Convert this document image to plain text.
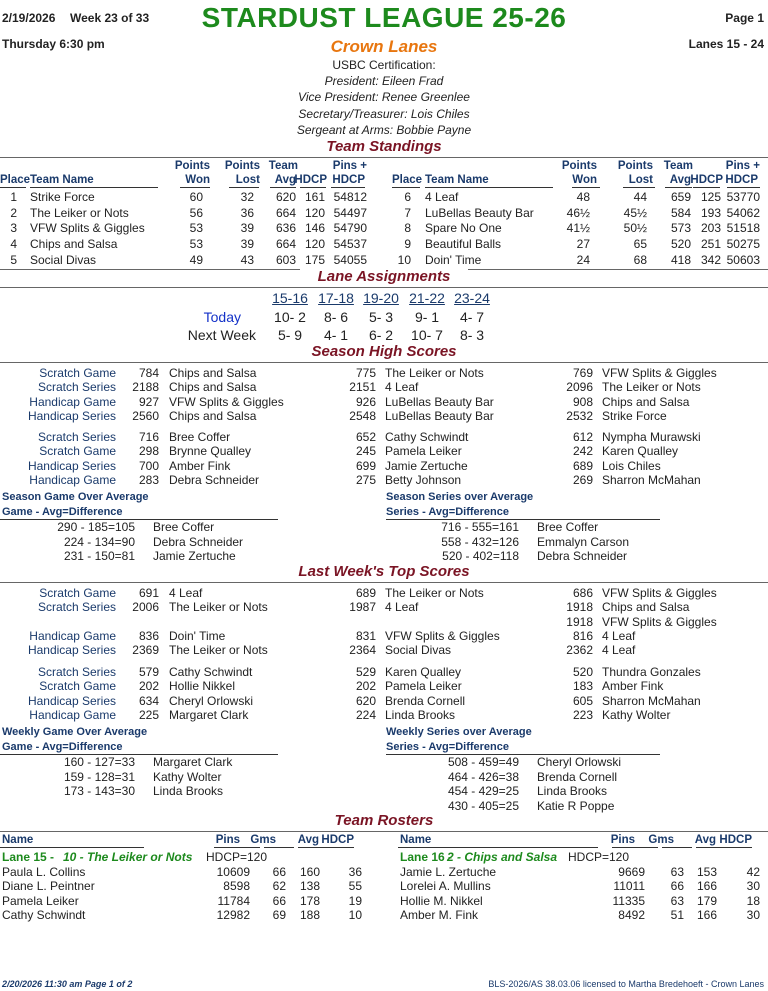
2/19/2026 Week 23 of 33	STARDUST LEAGUE 25-26	Page 1
Thursday 6:30 pm	Crown Lanes	Lanes 15 - 24
USBC Certification:
President: Eileen Frad
Vice President: Renee Greenlee
Secretary/Treasurer: Lois Chiles
Sergeant at Arms: Bobbie Payne
Team Standings
Points
Won
Points
Lost
Team
Avg
HDCP
Pins +
HDCP
Place Team Name
1 Strike Force	60	32	620 161 54812
2 The Leiker or Nots	56	36	664 120 54497
3 VFW Splits & Giggles	53	39	636 146 54790
4 Chips and Salsa	53	39	664 120 54537
5 Social Divas	49	43	603 175 54055
Points
Won
Points
Lost
Team
Avg HDCP
Pins +
HDCP
Place Team Name
6 4 Leaf	48	44	659 125 53770
7 LuBellas Beauty Bar	46½	45½	584 193 54062
8 Spare No One	41½	50½	573 203 51518
9 Beautiful Balls	27	65	520 251 50275
10 Doin' Time	24	68	418 342 50603
Lane Assignments
15-16 17-18 19-20 21-22 23-24
Today
Next Week
10- 2	8- 6	5- 3	9- 1	4- 7
5- 9	4- 1	6- 2	10- 7	8- 3
Season High Scores
Scratch Game	784 Chips and Salsa	775 The Leiker or Nots	769 VFW Splits & Giggles
Scratch Series	2188 Chips and Salsa	2151 4 Leaf	2096 The Leiker or Nots
Handicap Game	927 VFW Splits & Giggles	926 LuBellas Beauty Bar	908 Chips and Salsa
Handicap Series	2560 Chips and Salsa	2548 LuBellas Beauty Bar	2532 Strike Force
Scratch Series	716 Bree Coffer	652 Cathy Schwindt	612 Nympha Murawski
Scratch Game	298 Brynne Qualley	245 Pamela Leiker	242 Karen Qualley
Handicap Series	700 Amber Fink	699 Jamie Zertuche	689 Lois Chiles
Handicap Game	283 Debra Schneider	275 Betty Johnson	269 Sharron McMahan
Season Game Over Average
Game - Avg=Difference
Season Series over Average
Series - Avg=Difference
290 - 185=105 Bree Coffer
224 - 134=90 Debra Schneider
231 - 150=81 Jamie Zertuche
716 - 555=161 Bree Coffer
558 - 432=126 Emmalyn Carson
520 - 402=118 Debra Schneider
Last Week's Top Scores
Scratch Game	691 4 Leaf	689 The Leiker or Nots	686 VFW Splits & Giggles
Scratch Series	2006 The Leiker or Nots	1987 4 Leaf	1918 Chips and Salsa
1918 VFW Splits & Giggles
Handicap Game	836 Doin' Time	831 VFW Splits & Giggles	816 4 Leaf
Handicap Series	2369 The Leiker or Nots	2364 Social Divas	2362 4 Leaf
Scratch Series	579 Cathy Schwindt	529 Karen Qualley	520 Thundra Gonzales
Scratch Game	202 Hollie Nikkel	202 Pamela Leiker	183 Amber Fink
Handicap Series	634 Cheryl Orlowski	620 Brenda Cornell	605 Sharron McMahan
Handicap Game	225 Margaret Clark	224 Linda Brooks	223 Kathy Wolter
Weekly Game Over Average
Game - Avg=Difference
Weekly Series over Average
Series - Avg=Difference
160 - 127=33 Margaret Clark
159 - 128=31 Kathy Wolter
173 - 143=30 Linda Brooks
508 - 459=49 Cheryl Orlowski
464 - 426=38 Brenda Cornell
454 - 429=25 Linda Brooks
430 - 405=25 Katie R Poppe
Team Rosters
Name	Pins Gms	Avg HDCP
Lane 15 - 10 - The Leiker or Nots HDCP=120
Paula L. Collins	10609	66	160	36
Diane L. Peintner	8598	62	138	55
Pamela Leiker	11784	66	178	19
Cathy Schwindt	12982	69	188	10
Name	Pins	Gms	Avg HDCP
Lane 16 -
2 - Chips and Salsa HDCP=120
Jamie L. Zertuche	9669	63	153	42
Lorelei A. Mullins	11011	66	166	30
Hollie M. Nikkel	11335	63	179	18
Amber M. Fink	8492	51	166	30
2/20/2026 11:30 am Page 1 of 2	BLS-2026/AS 38.03.06 licensed to Martha Bredehoeft - Crown Lanes
